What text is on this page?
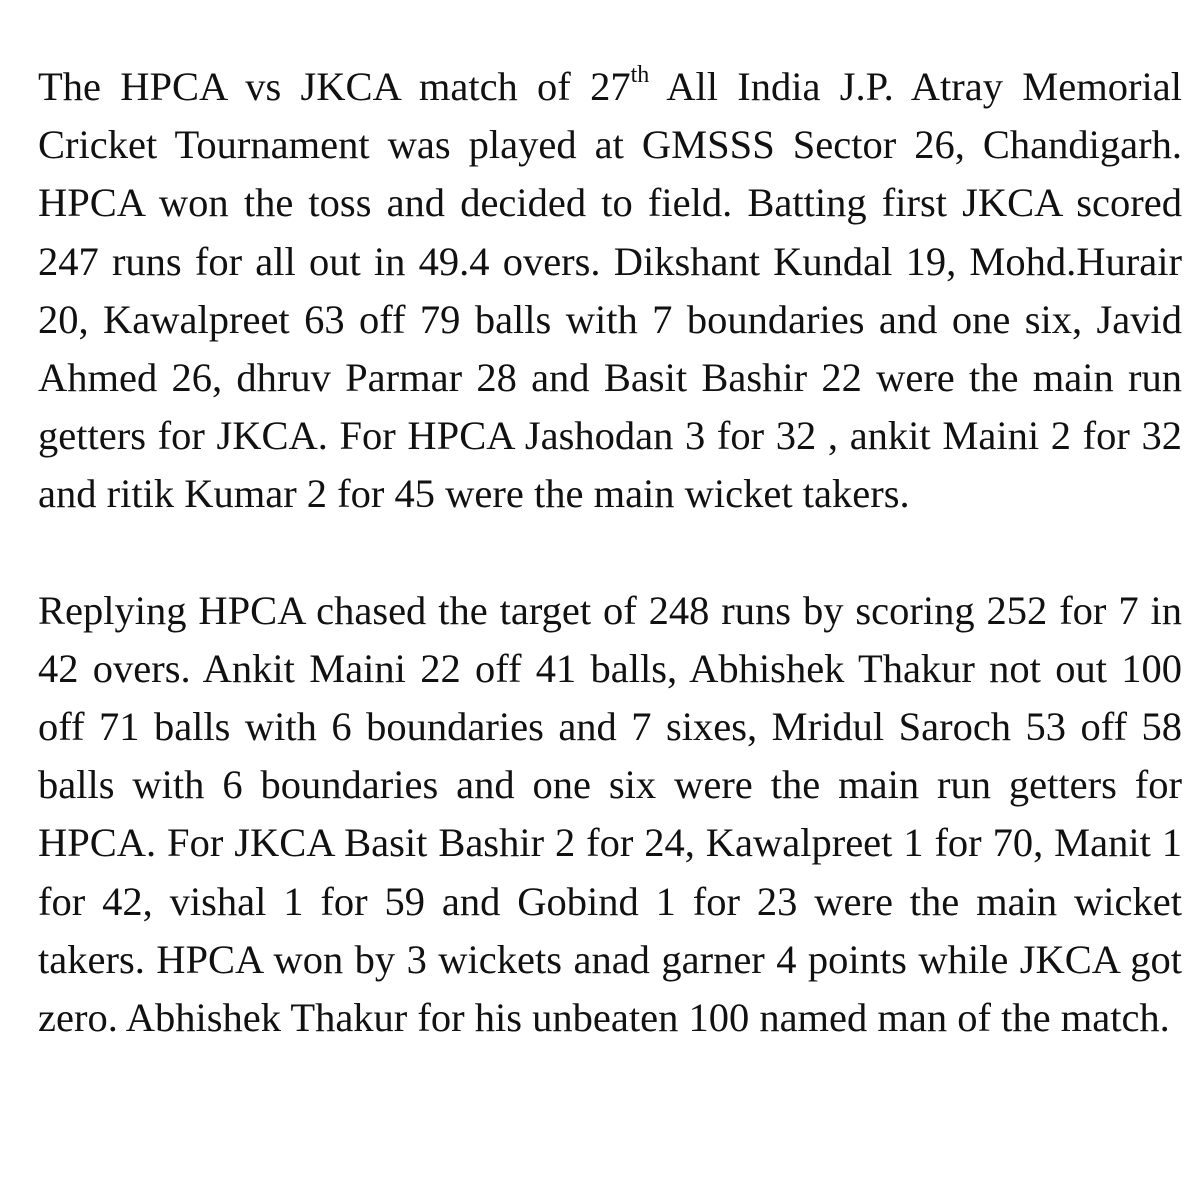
The HPCA vs JKCA match of 27th All India J.P. Atray Memorial Cricket Tournament was played at GMSSS Sector 26, Chandigarh. HPCA won the toss and decided to field. Batting first JKCA scored 247 runs for all out in 49.4 overs. Dikshant Kundal 19, Mohd.Hurair 20, Kawalpreet 63 off 79 balls with 7 boundaries and one six, Javid Ahmed 26, dhruv Parmar 28 and Basit Bashir 22 were the main run getters for JKCA. For HPCA Jashodan 3 for 32 , ankit Maini 2 for 32 and ritik Kumar 2 for 45 were the main wicket takers.

Replying HPCA chased the target of 248 runs by scoring 252 for 7 in 42 overs. Ankit Maini 22 off 41 balls, Abhishek Thakur not out 100 off 71 balls with 6 boundaries and 7 sixes, Mridul Saroch 53 off 58 balls with 6 boundaries and one six were the main run getters for HPCA. For JKCA Basit Bashir 2 for 24, Kawalpreet 1 for 70, Manit 1 for 42, vishal 1 for 59 and Gobind 1 for 23 were the main wicket takers. HPCA won by 3 wickets anad garner 4 points while JKCA got zero. Abhishek Thakur for his unbeaten 100 named man of the match.
